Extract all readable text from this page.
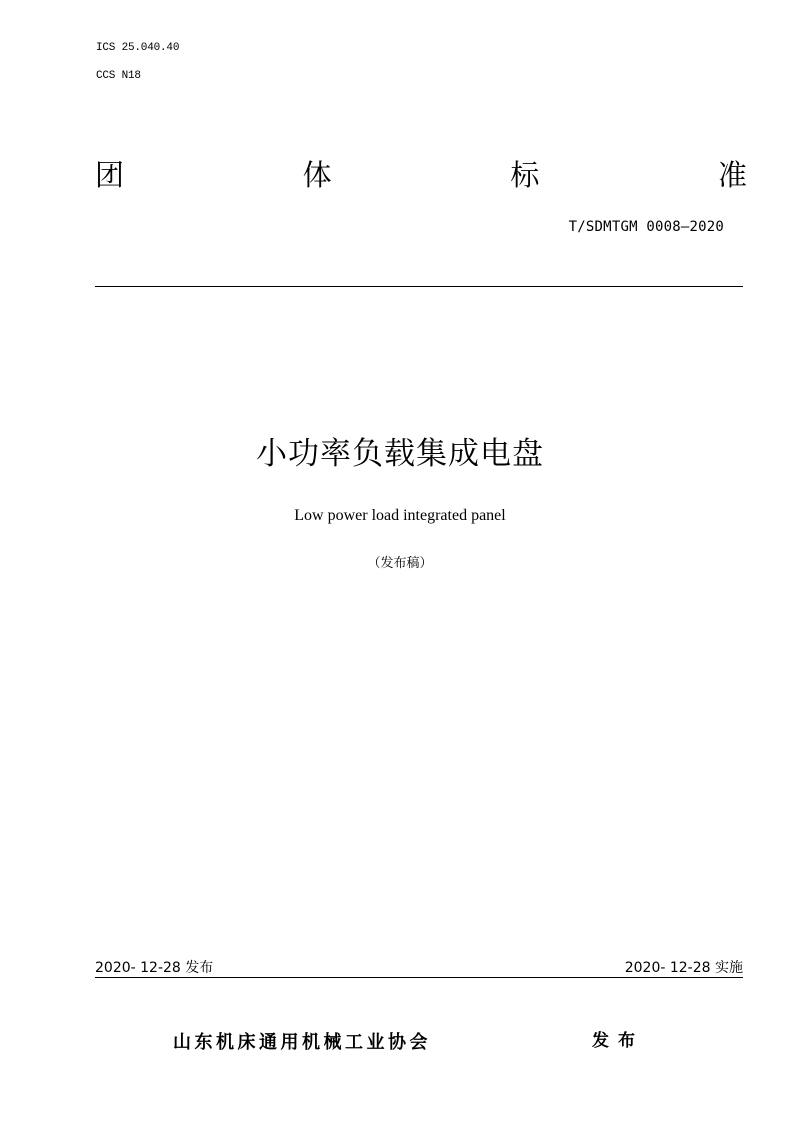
ICS 25.040.40
CCS N18
团	体	标	准
T/SDMTGM 0008—2020
小功率负载集成电盘
Low power load integrated panel
（发布稿）
2020- 12-28 发布	2020- 12-28 实施
山东机床通用机械工业协会	发布
